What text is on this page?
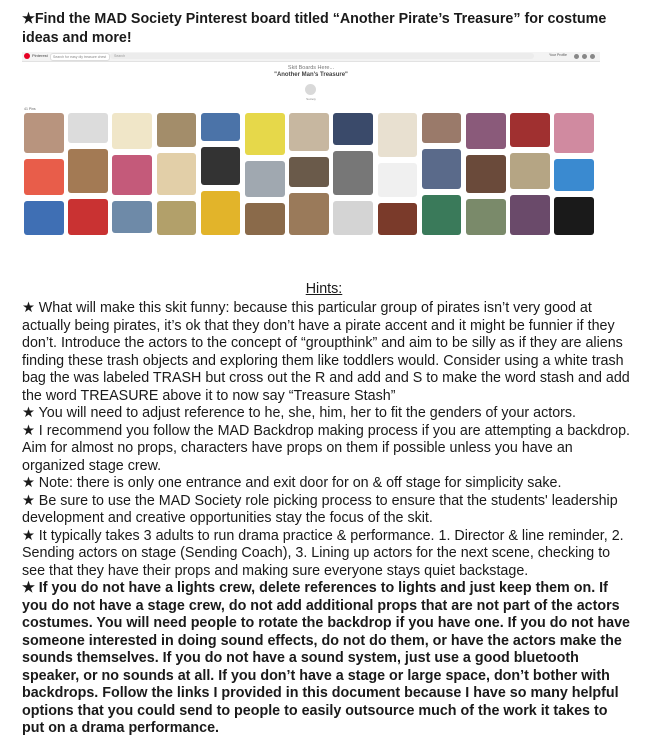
★Find the MAD Society Pinterest board titled “Another Pirate’s Treasure” for costume ideas and more!

Pinterest	Search for easy diy treasure chest	Search	Your Profile
Skit Boards Here...
"Another Man's Treasure"
Society
41 Pins

Hints:

★ What will make this skit funny: because this particular group of pirates isn’t very good at actually being pirates, it’s ok that they don’t have a pirate accent and it might be funnier if they don’t. Introduce the actors to the concept of “groupthink” and aim to be silly as if they are aliens finding these trash objects and exploring them like toddlers would. Consider using a white trash bag the was labeled TRASH but cross out the R and add and S to make the word stash and add the word TREASURE above it to now say “Treasure Stash”

★ You will need to adjust reference to he, she, him, her to fit the genders of your actors.

★ I recommend you follow the MAD Backdrop making process if you are attempting a backdrop. Aim for almost no props, characters have props on them if possible unless you have an organized stage crew.

★ Note: there is only one entrance and exit door for on & off stage for simplicity sake.

★ Be sure to use the MAD Society role picking process to ensure that the students' leadership development and creative opportunities stay the focus of the skit.

★ It typically takes 3 adults to run drama practice & performance. 1. Director & line reminder, 2. Sending actors on stage (Sending Coach), 3. Lining up actors for the next scene, checking to see that they have their props and making sure everyone stays quiet backstage.

★ If you do not have a lights crew, delete references to lights and just keep them on. If you do not have a stage crew, do not add additional props that are not part of the actors costumes. You will need people to rotate the backdrop if you have one. If you do not have someone interested in doing sound effects, do not do them, or have the actors make the sounds themselves. If you do not have a sound system, just use a good bluetooth speaker, or no sounds at all. If you don’t have a stage or large space, don’t bother with backdrops. Follow the links I provided in this document because I have so many helpful options that you could send to people to easily outsource much of the work it takes to put on a drama performance.
